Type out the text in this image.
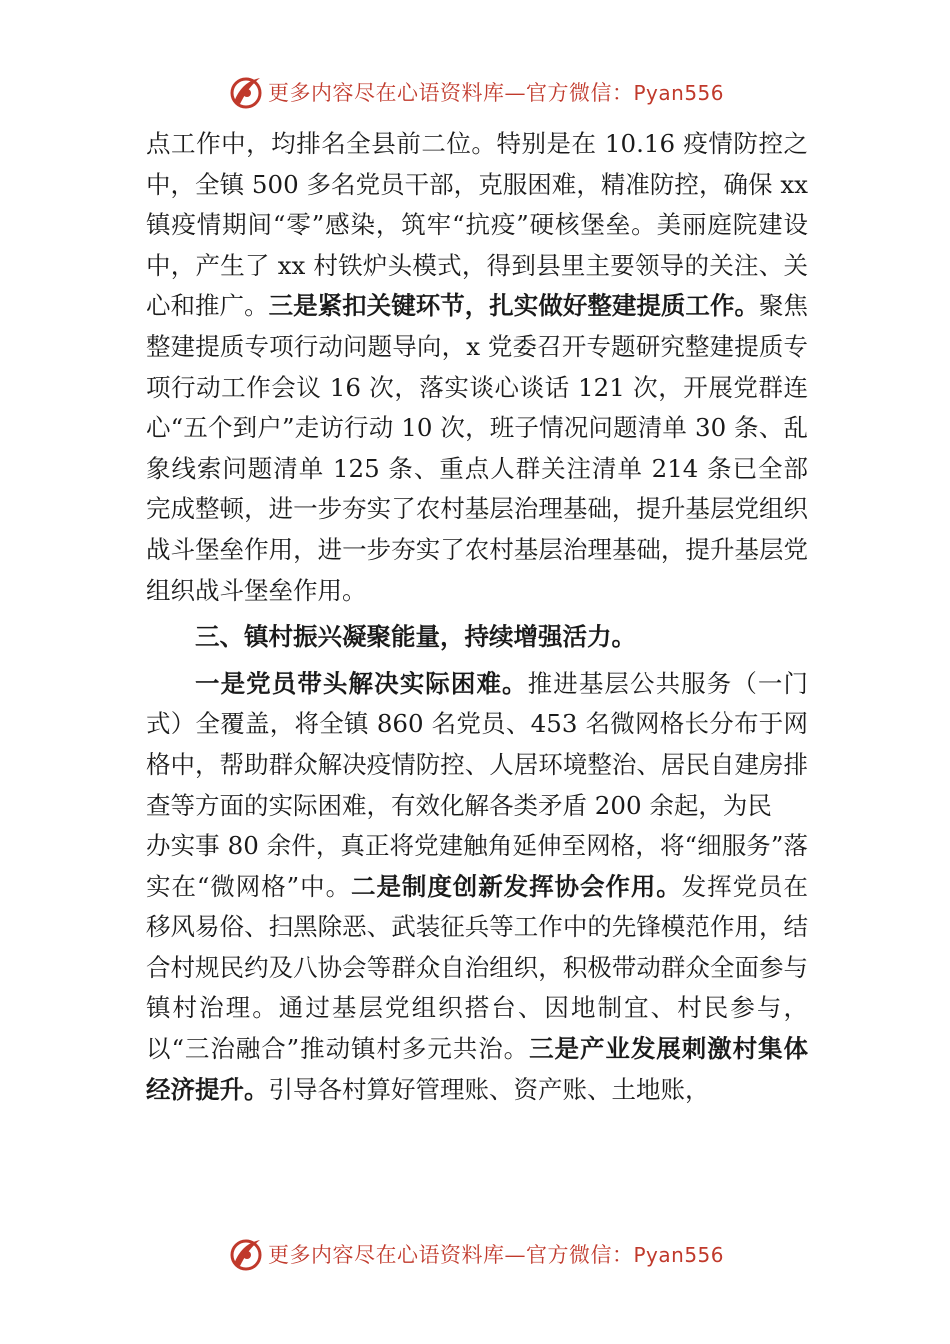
更多内容尽在心语资料库—官方微信：Pyan556

点工作中，均排名全县前二位。特别是在 10.16 疫情防控之中，全镇 500 多名党员干部，克服困难，精准防控，确保 xx 镇疫情期间“零”感染，筑牢“抗疫”硬核堡垒。美丽庭院建设中，产生了 xx 村铁炉头模式，得到县里主要领导的关注、关心和推广。三是紧扣关键环节，扎实做好整建提质工作。聚焦整建提质专项行动问题导向，x 党委召开专题研究整建提质专项行动工作会议 16 次，落实谈心谈话 121 次，开展党群连心“五个到户”走访行动 10 次，班子情况问题清单 30 条、乱象线索问题清单 125 条、重点人群关注清单 214 条已全部完成整顿，进一步夯实了农村基层治理基础，提升基层党组织战斗堡垒作用，进一步夯实了农村基层治理基础，提升基层党组织战斗堡垒作用。

三、镇村振兴凝聚能量，持续增强活力。

一是党员带头解决实际困难。推进基层公共服务（一门式）全覆盖，将全镇 860 名党员、453 名微网格长分布于网格中，帮助群众解决疫情防控、人居环境整治、居民自建房排查等方面的实际困难，有效化解各类矛盾 200 余起，为民

办实事 80 余件，真正将党建触角延伸至网格，将“细服务”落实在“微网格”中。二是制度创新发挥协会作用。发挥党员在移风易俗、扫黑除恶、武装征兵等工作中的先锋模范作用，结合村规民约及八协会等群众自治组织，积极带动群众全面参与镇村治理。通过基层党组织搭台、因地制宜、村民参与，以“三治融合”推动镇村多元共治。三是产业发展刺激村集体经济提升。引导各村算好管理账、资产账、土地账，

更多内容尽在心语资料库—官方微信：Pyan556
